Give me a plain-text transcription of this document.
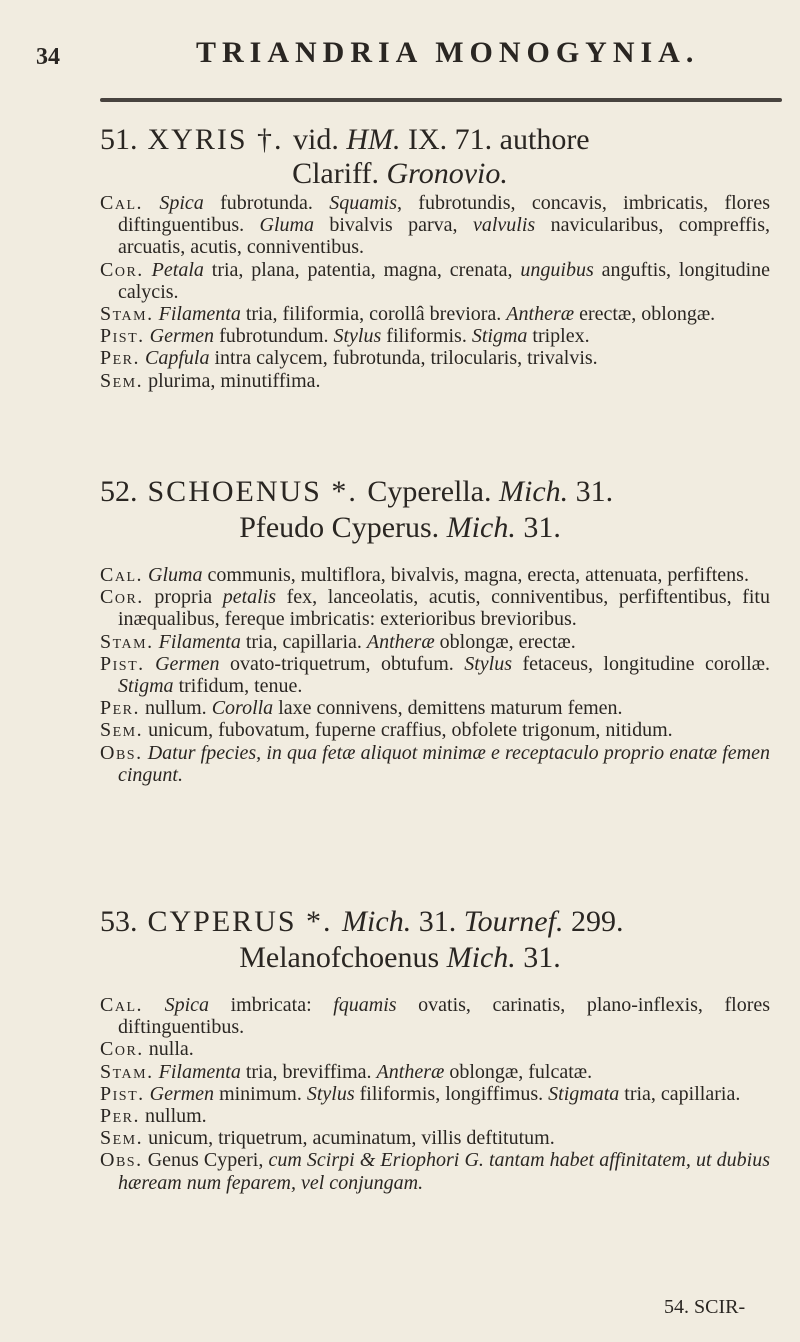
34	TRIANDRIA MONOGYNIA.
51. XYRIS †. vid. HM. IX. 71. authore
Clariff. Gronovio.

Cal. Spica fubrotunda. Squamis, fubrotundis, concavis, imbricatis, flores diftinguentibus. Gluma bivalvis parva, valvulis navicularibus, compreffis, arcuatis, acutis, conniventibus.

Cor. Petala tria, plana, patentia, magna, crenata, unguibus anguftis, longitudine calycis.

Stam. Filamenta tria, filiformia, corollâ breviora. Antheræ erectæ, oblongæ.

Pist. Germen fubrotundum. Stylus filiformis. Stigma triplex.

Per. Capfula intra calycem, fubrotunda, trilocularis, trivalvis.

Sem. plurima, minutiffima.

52. SCHOENUS *. Cyperella. Mich. 31.
Pfeudo Cyperus. Mich. 31.

Cal. Gluma communis, multiflora, bivalvis, magna, erecta, attenuata, perfiftens.

Cor. propria petalis fex, lanceolatis, acutis, conniventibus, perfiftentibus, fitu inæqualibus, fereque imbricatis: exterioribus brevioribus.

Stam. Filamenta tria, capillaria. Antheræ oblongæ, erectæ.

Pist. Germen ovato-triquetrum, obtufum. Stylus fetaceus, longitudine corollæ. Stigma trifidum, tenue.

Per. nullum. Corolla laxe connivens, demittens maturum femen.

Sem. unicum, fubovatum, fuperne craffius, obfolete trigonum, nitidum.

Obs. Datur fpecies, in qua fetæ aliquot minimæ e receptaculo proprio enatæ femen cingunt.

53. CYPERUS *. Mich. 31. Tournef. 299.
Melanofchoenus Mich. 31.

Cal. Spica imbricata: fquamis ovatis, carinatis, plano-inflexis, flores diftinguentibus.

Cor. nulla.

Stam. Filamenta tria, breviffima. Antheræ oblongæ, fulcatæ.

Pist. Germen minimum. Stylus filiformis, longiffimus. Stigmata tria, capillaria.

Per. nullum.

Sem. unicum, triquetrum, acuminatum, villis deftitutum.

Obs. Genus Cyperi, cum Scirpi & Eriophori G. tantam habet affinitatem, ut dubius hæream num feparem, vel conjungam.

54. SCIR-
